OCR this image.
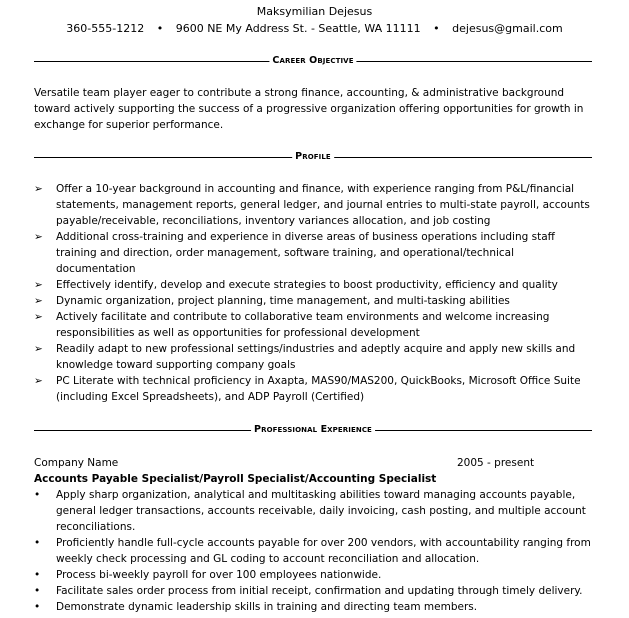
Maksymilian Dejesus
360-555-1212 • 9600 NE My Address St. - Seattle, WA 11111 • dejesus@gmail.com
Career Objective
Versatile team player eager to contribute a strong finance, accounting, & administrative background toward actively supporting the success of a progressive organization offering opportunities for growth in exchange for superior performance.
Profile
➢	Offer a 10-year background in accounting and finance, with experience ranging from P&L/financial statements, management reports, general ledger, and journal entries to multi-state payroll, accounts payable/receivable, reconciliations, inventory variances allocation, and job costing
➢	Additional cross-training and experience in diverse areas of business operations including staff training and direction, order management, software training, and operational/technical documentation
➢	Effectively identify, develop and execute strategies to boost productivity, efficiency and quality
➢	Dynamic organization, project planning, time management, and multi-tasking abilities
➢	Actively facilitate and contribute to collaborative team environments and welcome increasing responsibilities as well as opportunities for professional development
➢	Readily adapt to new professional settings/industries and adeptly acquire and apply new skills and knowledge toward supporting company goals
➢	PC Literate with technical proficiency in Axapta, MAS90/MAS200, QuickBooks, Microsoft Office Suite (including Excel Spreadsheets), and ADP Payroll (Certified)
Professional Experience
Company Name	2005 - present
Accounts Payable Specialist/Payroll Specialist/Accounting Specialist
•	Apply sharp organization, analytical and multitasking abilities toward managing accounts payable, general ledger transactions, accounts receivable, daily invoicing, cash posting, and multiple account reconciliations.
•	Proficiently handle full-cycle accounts payable for over 200 vendors, with accountability ranging from weekly check processing and GL coding to account reconciliation and allocation.
•	Process bi-weekly payroll for over 100 employees nationwide.
•	Facilitate sales order process from initial receipt, confirmation and updating through timely delivery.
•	Demonstrate dynamic leadership skills in training and directing team members.
